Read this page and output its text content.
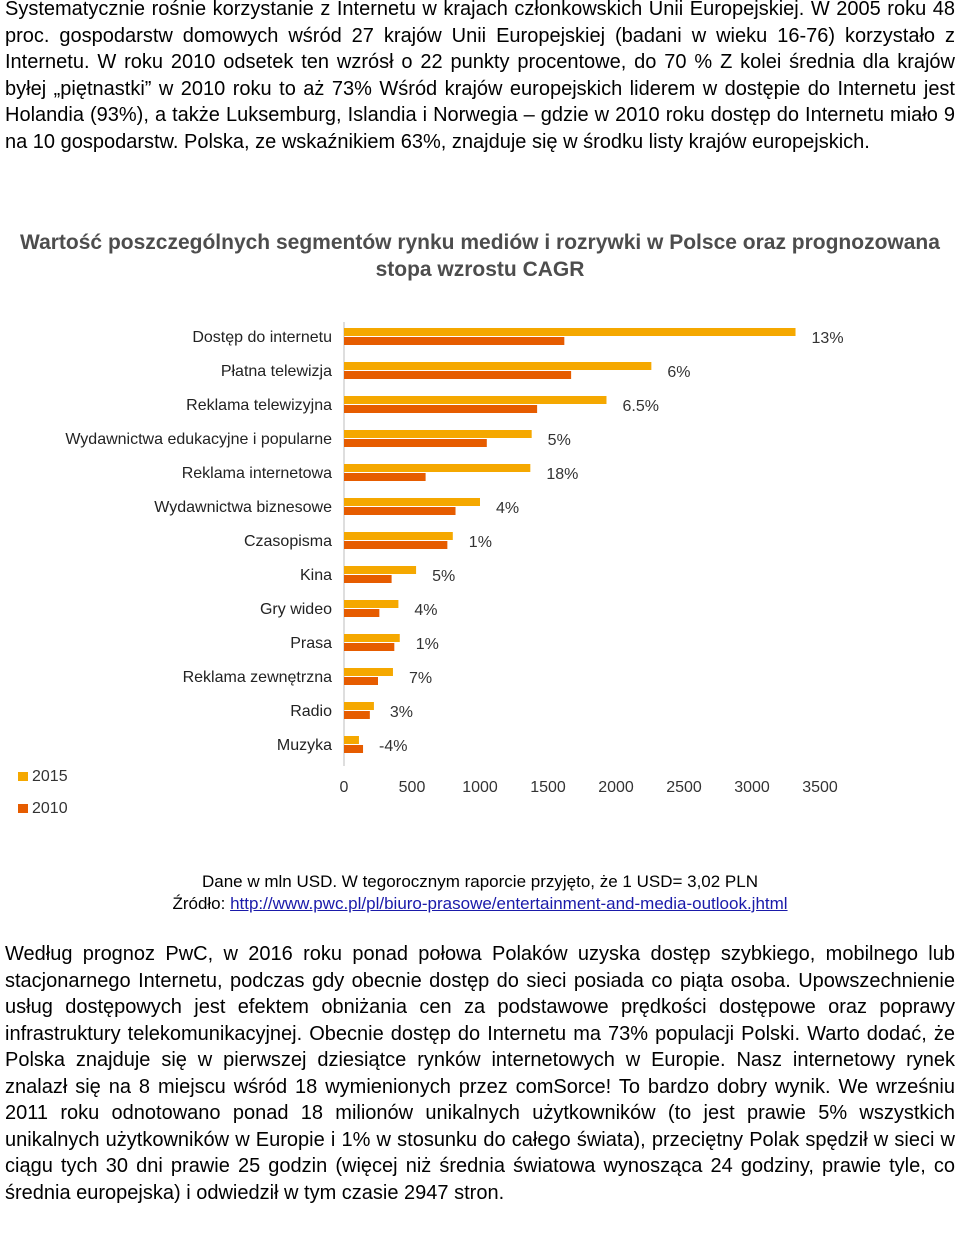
Systematycznie rośnie korzystanie z Internetu w krajach członkowskich Unii Europejskiej. W 2005 roku 48 proc. gospodarstw domowych wśród 27 krajów Unii Europejskiej (badani w wieku 16-76) korzystało z Internetu. W roku 2010 odsetek ten wzrósł o 22 punkty procentowe, do 70 % Z kolei średnia dla krajów byłej „piętnastki” w 2010 roku to aż 73% Wśród krajów europejskich liderem w dostępie do Internetu jest Holandia (93%), a także Luksemburg, Islandia i Norwegia – gdzie w 2010 roku dostęp do Internetu miało 9 na 10 gospodarstw. Polska, ze wskaźnikiem 63%, znajduje się w środku listy krajów europejskich.

Wartość poszczególnych segmentów rynku mediów i rozrywki w Polsce oraz prognozowana stopa wzrostu CAGR
Dostęp do internetu	13%
Płatna telewizja	6%
Reklama telewizyjna	6.5%
Wydawnictwa edukacyjne i popularne	5%
Reklama internetowa	18%
Wydawnictwa biznesowe	4%
Czasopisma	1%
Kina	5%
Gry wideo	4%
Prasa	1%
Reklama zewnętrzna	7%
Radio	3%
Muzyka	-4%
0	500 1000 1500 2000 2500 3000 3500
2015
2010
Dane w mln USD. W tegorocznym raporcie przyjęto, że 1 USD= 3,02 PLN
Źródło: http://www.pwc.pl/pl/biuro-prasowe/entertainment-and-media-outlook.jhtml

Według prognoz PwC, w 2016 roku ponad połowa Polaków uzyska dostęp szybkiego, mobilnego lub stacjonarnego Internetu, podczas gdy obecnie dostęp do sieci posiada co piąta osoba. Upowszechnienie usług dostępowych jest efektem obniżania cen za podstawowe prędkości dostępowe oraz poprawy infrastruktury telekomunikacyjnej. Obecnie dostęp do Internetu ma 73% populacji Polski. Warto dodać, że Polska znajduje się w pierwszej dziesiątce rynków internetowych w Europie. Nasz internetowy rynek znalazł się na 8 miejscu wśród 18 wymienionych przez comSorce! To bardzo dobry wynik. We wrześniu 2011 roku odnotowano ponad 18 milionów unikalnych użytkowników (to jest prawie 5% wszystkich unikalnych użytkowników w Europie i 1% w stosunku do całego świata), przeciętny Polak spędził w sieci w ciągu tych 30 dni prawie 25 godzin (więcej niż średnia światowa wynosząca 24 godziny, prawie tyle, co średnia europejska) i odwiedził w tym czasie 2947 stron.
